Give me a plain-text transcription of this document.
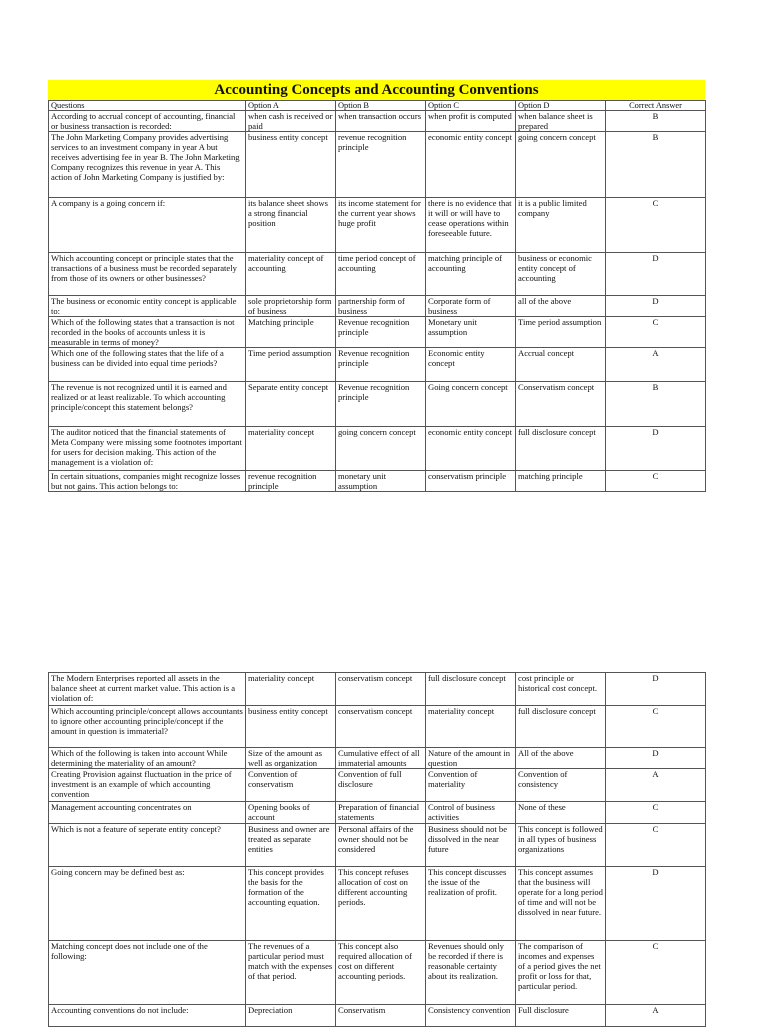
Accounting Concepts and Accounting Conventions
Questions	Option A	Option B	Option C	Option D	Correct Answer
According to accrual concept of accounting, financial or business transaction is recorded:	when cash is received or paid	when transaction occurs	when profit is computed	when balance sheet is prepared	B
The John Marketing Company provides advertising services to an investment company in year A but receives advertising fee in year B. The John Marketing Company recognizes this revenue in year A. This action of John Marketing Company is justified by:	business entity concept	revenue recognition principle	economic entity concept	going concern concept	B
A company is a going concern if:	its balance sheet shows a strong financial position	its income statement for the current year shows huge profit	there is no evidence that it will or will have to cease operations within foreseeable future.	it is a public limited company	C
Which accounting concept or principle states that the transactions of a business must be recorded separately from those of its owners or other businesses?	materiality concept of accounting	time period concept of accounting	matching principle of accounting	business or economic entity concept of accounting	D
The business or economic entity concept is applicable to:	sole proprietorship form of business	partnership form of business	Corporate form of business	all of the above	D
Which of the following states that a transaction is not recorded in the books of accounts unless it is measurable in terms of money?	Matching principle	Revenue recognition principle	Monetary unit assumption	Time period assumption	C
Which one of the following states that the life of a business can be divided into equal time periods?	Time period assumption	Revenue recognition principle	Economic entity concept	Accrual concept	A
The revenue is not recognized until it is earned and realized or at least realizable. To which accounting principle/concept this statement belongs?	Separate entity concept	Revenue recognition principle	Going concern concept	Conservatism concept	B
The auditor noticed that the financial statements of Meta Company were missing some footnotes important for users for decision making. This action of the management is a violation of:	materiality concept	going concern concept	economic entity concept	full disclosure concept	D
In certain situations, companies might recognize losses but not gains. This action belongs to:	revenue recognition principle	monetary unit assumption	conservatism principle	matching principle	C
The Modern Enterprises reported all assets in the balance sheet at current market value. This action is a violation of:	materiality concept	conservatism concept	full disclosure concept	cost principle or historical cost concept.	D
Which accounting principle/concept allows accountants to ignore other accounting principle/concept if the amount in question is immaterial?	business entity concept	conservatism concept	materiality concept	full disclosure concept	C
Which of the following is taken into account While determining the materiality of an amount?	Size of the amount as well as organization	Cumulative effect of all immaterial amounts	Nature of the amount in question	All of the above	D
Creating Provision against fluctuation in the price of investment is an example of which accounting convention	Convention of conservatism	Convention of full disclosure	Convention of materiality	Convention of consistency	A
Management accounting concentrates on	Opening books of account	Preparation of financial statements	Control of business activities	None of these	C
Which is not a feature of seperate entity concept?	Business and owner are treated as separate entities	Personal affairs of the owner should not be considered	Business should not be dissolved in the near future	This concept is followed in all types of business organizations	C
Going concern may be defined best as:	This concept provides the basis for the formation of the accounting equation.	This concept refuses allocation of cost on different accounting periods.	This concept discusses the issue of the realization of profit.	This concept assumes that the business will operate for a long period of time and will not be dissolved in near future.	D
Matching concept does not include one of the following:	The revenues of a particular period must match with the expenses of that period.	This concept also required allocation of cost on different accounting periods.	Revenues should only be recorded if there is reasonable certainty about its realization.	The comparison of incomes and expenses of a period gives the net profit or loss for that, particular period.	C
Accounting conventions do not include:	Depreciation	Conservatism	Consistency convention	Full disclosure	A
